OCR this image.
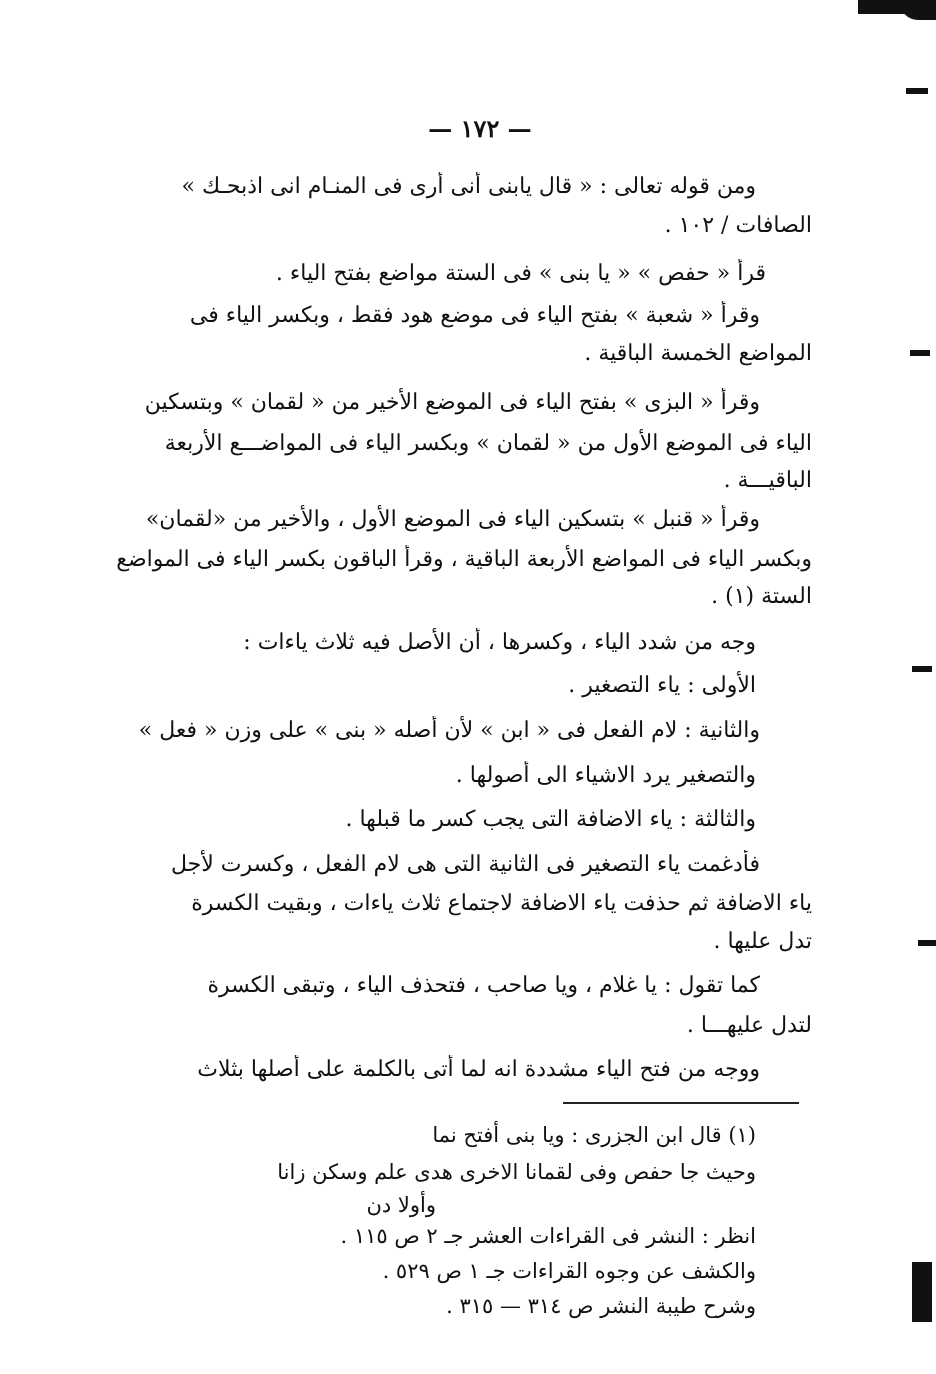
— ١٧٢ —
ومن قوله تعالى : « قال يابنى أنى أرى فى المنـام انى اذبحـك »
الصافات / ١٠٢ .
قرأ « حفص » « يا بنى » فى الستة مواضع بفتح الياء .
وقرأ « شعبة » بفتح الياء فى موضع هود فقط ، وبكسر الياء فى
المواضع الخمسة الباقية .
وقرأ « البزى » بفتح الياء فى الموضع الأخير من « لقمان » وبتسكين
الياء فى الموضع الأول من « لقمان » وبكسر الياء فى المواضـــع الأربعة
الباقيـــة .
وقرأ « قنبل » بتسكين الياء فى الموضع الأول ، والأخير من «لقمان»
وبكسر الياء فى المواضع الأربعة الباقية ، وقرأ الباقون بكسر الياء فى المواضع
الستة (١) .
وجه من شدد الياء ، وكسرها ، أن الأصل فيه ثلاث ياءات :
الأولى : ياء التصغير .
والثانية : لام الفعل فى « ابن » لأن أصله « بنى » على وزن « فعل »
والتصغير يرد الاشياء الى أصولها .
والثالثة : ياء الاضافة التى يجب كسر ما قبلها .
فأدغمت ياء التصغير فى الثانية التى هى لام الفعل ، وكسرت لأجل
ياء الاضافة ثم حذفت ياء الاضافة لاجتماع ثلاث ياءات ، وبقيت الكسرة
تدل عليها .
كما تقول : يا غلام ، ويا صاحب ، فتحذف الياء ، وتبقى الكسرة
لتدل عليهـــا .
ووجه من فتح الياء مشددة انه لما أتى بالكلمة على أصلها بثلاث
(١) قال ابن الجزرى : ويا بنى أفتح نما
وحيث جا حفص وفى لقمانا الاخرى هدى علم وسكن زانا
وأولا دن
انظر : النشر فى القراءات العشر جـ ٢ ص ١١٥ .
والكشف عن وجوه القراءات جـ ١ ص ٥٢٩ .
وشرح طيبة النشر ص ٣١٤ — ٣١٥ .
